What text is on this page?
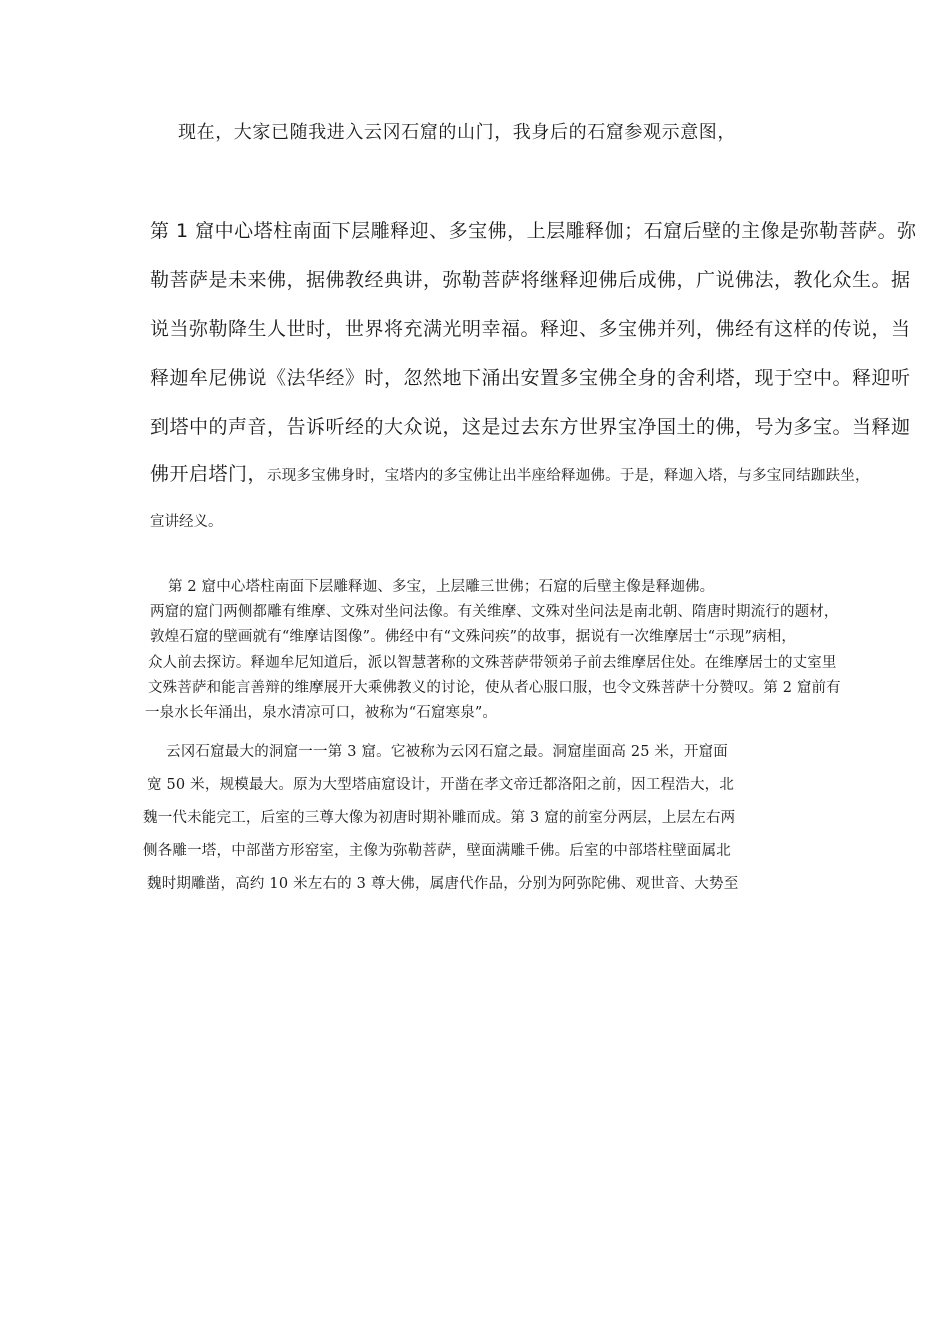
现在，大家已随我进入云冈石窟的山门，我身后的石窟参观示意图，

第 1 窟中心塔柱南面下层雕释迎、多宝佛，上层雕释伽；石窟后壁的主像是弥勒菩萨。弥

勒菩萨是未来佛，据佛教经典讲，弥勒菩萨将继释迎佛后成佛，广说佛法，教化众生。据

说当弥勒降生人世时，世界将充满光明幸福。释迎、多宝佛并列，佛经有这样的传说，当

释迦牟尼佛说《法华经》时，忽然地下涌出安置多宝佛全身的舍利塔，现于空中。释迎听

到塔中的声音，告诉听经的大众说，这是过去东方世界宝净国土的佛，号为多宝。当释迦

佛开启塔门，示现多宝佛身时，宝塔内的多宝佛让出半座给释迦佛。于是，释迦入塔，与多宝同结跏趺坐，

宣讲经义。

第 2 窟中心塔柱南面下层雕释迦、多宝，上层雕三世佛；石窟的后壁主像是释迦佛。

两窟的窟门两侧都雕有维摩、文殊对坐问法像。有关维摩、文殊对坐问法是南北朝、隋唐时期流行的题材，

敦煌石窟的壁画就有“维摩诘图像”。佛经中有“文殊问疾”的故事，据说有一次维摩居士“示现”病相，

众人前去探访。释迦牟尼知道后，派以智慧著称的文殊菩萨带领弟子前去维摩居住处。在维摩居士的丈室里

文殊菩萨和能言善辩的维摩展开大乘佛教义的讨论，使从者心服口服，也令文殊菩萨十分赞叹。第 2 窟前有

一泉水长年涌出，泉水清凉可口，被称为“石窟寒泉”。

云冈石窟最大的洞窟一一第 3 窟。它被称为云冈石窟之最。洞窟崖面高 25 米，开窟面

宽 50 米，规模最大。原为大型塔庙窟设计，开凿在孝文帝迁都洛阳之前，因工程浩大，北

魏一代未能完工，后室的三尊大像为初唐时期补雕而成。第 3 窟的前室分两层，上层左右两

侧各雕一塔，中部凿方形窑室，主像为弥勒菩萨，壁面满雕千佛。后室的中部塔柱壁面属北

魏时期雕凿，高约 10 米左右的 3 尊大佛，属唐代作品，分别为阿弥陀佛、观世音、大势至
